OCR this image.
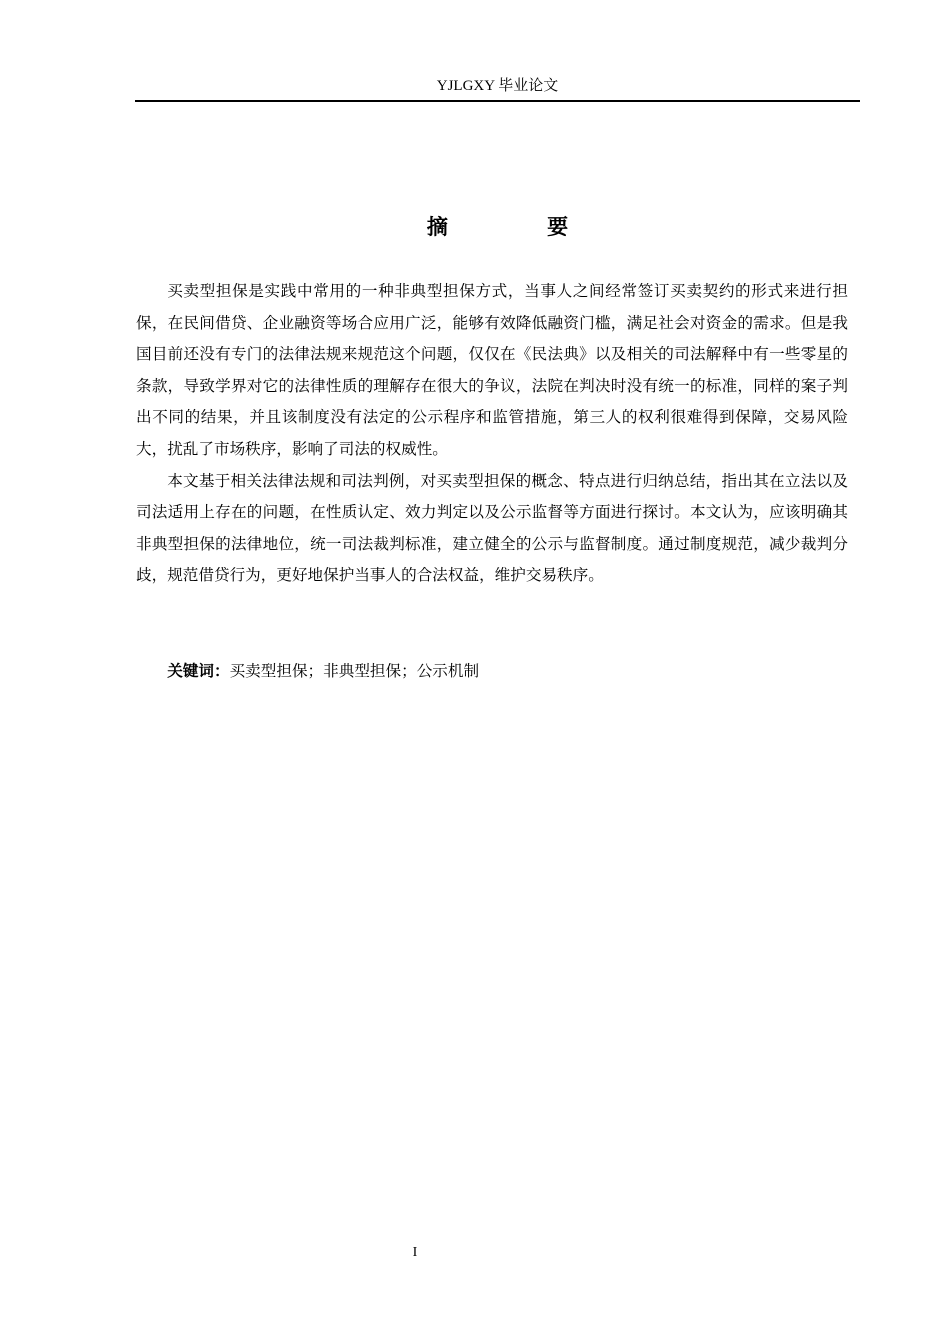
YJLGXY 毕业论文
摘 要

买卖型担保是实践中常用的一种非典型担保方式，当事人之间经常签订买卖契约的形式来进行担保，在民间借贷、企业融资等场合应用广泛，能够有效降低融资门槛，满足社会对资金的需求。但是我国目前还没有专门的法律法规来规范这个问题，仅仅在《民法典》以及相关的司法解释中有一些零星的条款，导致学界对它的法律性质的理解存在很大的争议，法院在判决时没有统一的标准，同样的案子判出不同的结果，并且该制度没有法定的公示程序和监管措施，第三人的权利很难得到保障，交易风险大，扰乱了市场秩序，影响了司法的权威性。

本文基于相关法律法规和司法判例，对买卖型担保的概念、特点进行归纳总结，指出其在立法以及司法适用上存在的问题，在性质认定、效力判定以及公示监督等方面进行探讨。本文认为，应该明确其非典型担保的法律地位，统一司法裁判标准，建立健全的公示与监督制度。通过制度规范，减少裁判分歧，规范借贷行为，更好地保护当事人的合法权益，维护交易秩序。

关键词：买卖型担保；非典型担保；公示机制
I
